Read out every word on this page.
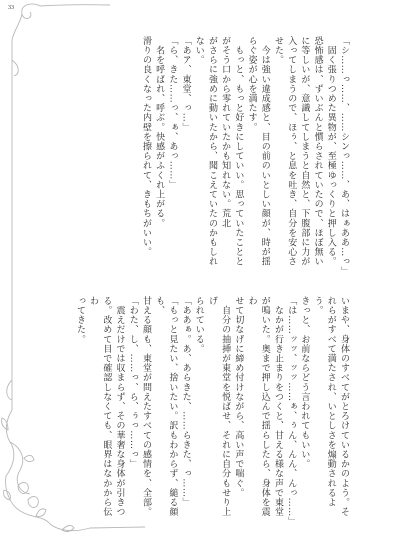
33

「シ……っ……、……シンっ……、あ、はぁああ…っ」

　固く張りつめた異物が、至極ゆっくりと押し入る。

恐怖感は、ずいぶんと慣らされていたので、ほぼ無い

に等しいが、意識してしまうと自然と、下腹部に力が

入ってしまうので、ほぅ、と息を吐き、自分を安心さ

せた。

　今は強い違成感と、目の前のいとしい顔が、時が揺

らぐ姿が心を満たす。

　もっと、もっと好きにしていい。思っていたことと

がそう口から零れていたかも知れない。荒北

がさらに強めに動いたから、聞こえていたのかもしれ

ない。

「あア、東堂、っ…」

「ら、きた……っ、ぁ、あっ……」

　名を呼ばれ、呼ぶ。快感がふくれ上がる。

滑りの良くなった内壁を擦られて、きもちがいい。

いまや、身体のすべてがとろけているかのよう。そ

れらがすべて満たされ、いとしさを煽動されるよう。

きっと、お前ならどう言われてもいい。

「は……ッッ、ッッ……ぁ、ぅん、んん、んっ……」

　なかが行き止まりをつくと、甘える様な声で東堂

が鳴いた。奥まで押し込んで揺らしたら、身体を震わ

せて切なげに締め付けながら、高い声で喘ぐ。

　自分の抽挿が東堂を悦ばせ、それに自分もせり上げ

られている。

「ああぁ。あ、あらきた、……らきた、っ……」

「もっと見たい、捨いたい。訳もわからず、縋る顔も、

甘える顔も、東堂が問えたすべての感情を、全部。

「わた、し、……っ、ら、ぅっ……っ」

　震えだけでは収まらず、その華奢な身体が引きつ

る。改めて目で確認しなくても、眼界はなかから伝わ

ってきた。
